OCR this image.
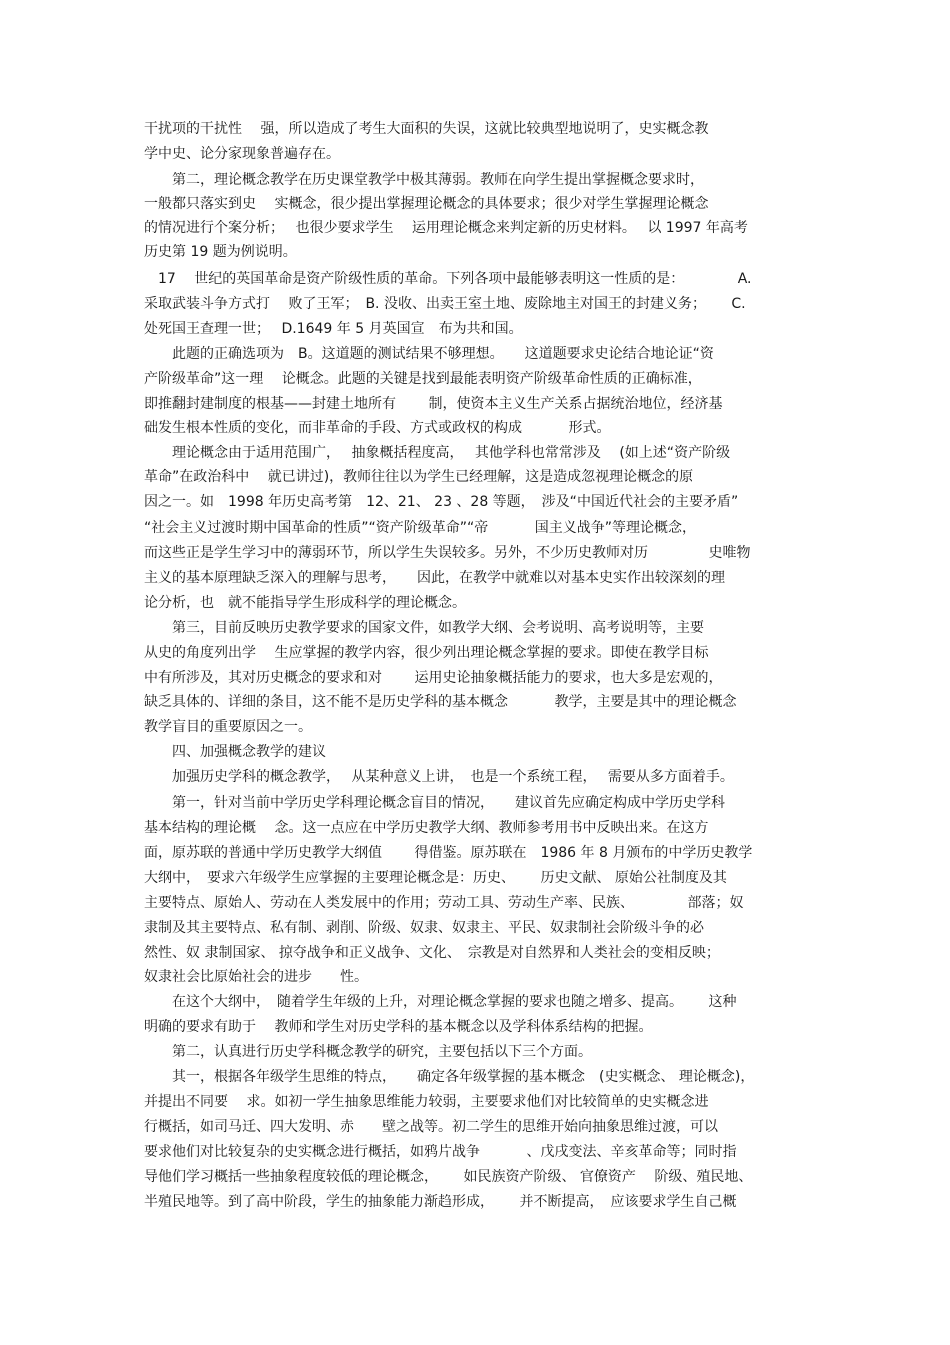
干扰项的干扰性　 强，所以造成了考生大面积的失误，这就比较典型地说明了，史实概念教
学中史、论分家现象普遍存在。
　　第二，理论概念教学在历史课堂教学中极其薄弱。教师在向学生提出掌握概念要求时，
一般都只落实到史　 实概念，很少提出掌握理论概念的具体要求；很少对学生掌握理论概念
的情况进行个案分析；　 也很少要求学生　 运用理论概念来判定新的历史材料。　 以 1997 年高考
历史第 19 题为例说明。
　17　 世纪的英国革命是资产阶级性质的革命。下列各项中最能够表明这一性质的是：　　　　 A.
采取武装斗争方式打　 败了王军；　B. 没收、出卖王室土地、废除地主对国王的封建义务；　　 C.
处死国王查理一世；　 D.1649 年 5 月英国宣　布为共和国。
　　此题的正确选项为　B。这道题的测试结果不够理想。　　这道题要求史论结合地论证“资
产阶级革命”这一理　 论概念。此题的关键是找到最能表明资产阶级革命性质的正确标准，
即推翻封建制度的根基——封建土地所有　　 制，使资本主义生产关系占据统治地位，经济基
础发生根本性质的变化，而非革命的手段、方式或政权的构成　　　 形式。
　　理论概念由于适用范围广，　 抽象概括程度高，　 其他学科也常常涉及　 (如上述“资产阶级
革命”在政治科中　 就已讲过)，教师往往以为学生已经理解，这是造成忽视理论概念的原
因之一。如　1998 年历史高考第　12、21、 23 、28 等题，　涉及“中国近代社会的主要矛盾”
“社会主义过渡时期中国革命的性质”“资产阶级革命”“帝　　　 国主义战争”等理论概念，
而这些正是学生学习中的薄弱环节，所以学生失误较多。另外，不少历史教师对历　　　　 史唯物
主义的基本原理缺乏深入的理解与思考，　　因此，在教学中就难以对基本史实作出较深刻的理
论分析，也　就不能指导学生形成科学的理论概念。
　　第三，目前反映历史教学要求的国家文件，如教学大纲、会考说明、高考说明等，主要
从史的角度列出学　 生应掌握的教学内容，很少列出理论概念掌握的要求。即使在教学目标
中有所涉及，其对历史概念的要求和对　　 运用史论抽象概括能力的要求，也大多是宏观的，
缺乏具体的、详细的条目，这不能不是历史学科的基本概念　　　 教学，主要是其中的理论概念
教学盲目的重要原因之一。
　　四、加强概念教学的建议
　　加强历史学科的概念教学，　 从某种意义上讲，　也是一个系统工程，　 需要从多方面着手。
　　第一，针对当前中学历史学科理论概念盲目的情况，　　建议首先应确定构成中学历史学科
基本结构的理论概　 念。这一点应在中学历史教学大纲、教师参考用书中反映出来。在这方
面，原苏联的普通中学历史教学大纲值　　 得借鉴。原苏联在　1986 年 8 月颁布的中学历史教学
大纲中，　要求六年级学生应掌握的主要理论概念是：历史、　　 历史文献、 原始公社制度及其
主要特点、原始人、劳动在人类发展中的作用；劳动工具、劳动生产率、民族、　　　　 部落；奴
隶制及其主要特点、私有制、剥削、阶级、奴隶、奴隶主、平民、奴隶制社会阶级斗争的必
然性、奴 隶制国家、 掠夺战争和正义战争、文化、　宗教是对自然界和人类社会的变相反映；
奴隶社会比原始社会的进步　　性。
　　在这个大纲中，　随着学生年级的上升，对理论概念掌握的要求也随之增多、提高。　　 这种
明确的要求有助于　 教师和学生对历史学科的基本概念以及学科体系结构的把握。
　　第二，认真进行历史学科概念教学的研究，主要包括以下三个方面。
　　其一，根据各年级学生思维的特点，　　确定各年级掌握的基本概念　(史实概念、 理论概念)，
并提出不同要　 求。如初一学生抽象思维能力较弱，主要要求他们对比较简单的史实概念进
行概括，如司马迁、四大发明、赤　　壁之战等。初二学生的思维开始向抽象思维过渡，可以
要求他们对比较复杂的史实概念进行概括，如鸦片战争　　　 、戊戌变法、辛亥革命等；同时指
导他们学习概括一些抽象程度较低的理论概念，　　 如民族资产阶级、 官僚资产　 阶级、殖民地、
半殖民地等。到了高中阶段，学生的抽象能力渐趋形成，　　 并不断提高，　应该要求学生自己概
